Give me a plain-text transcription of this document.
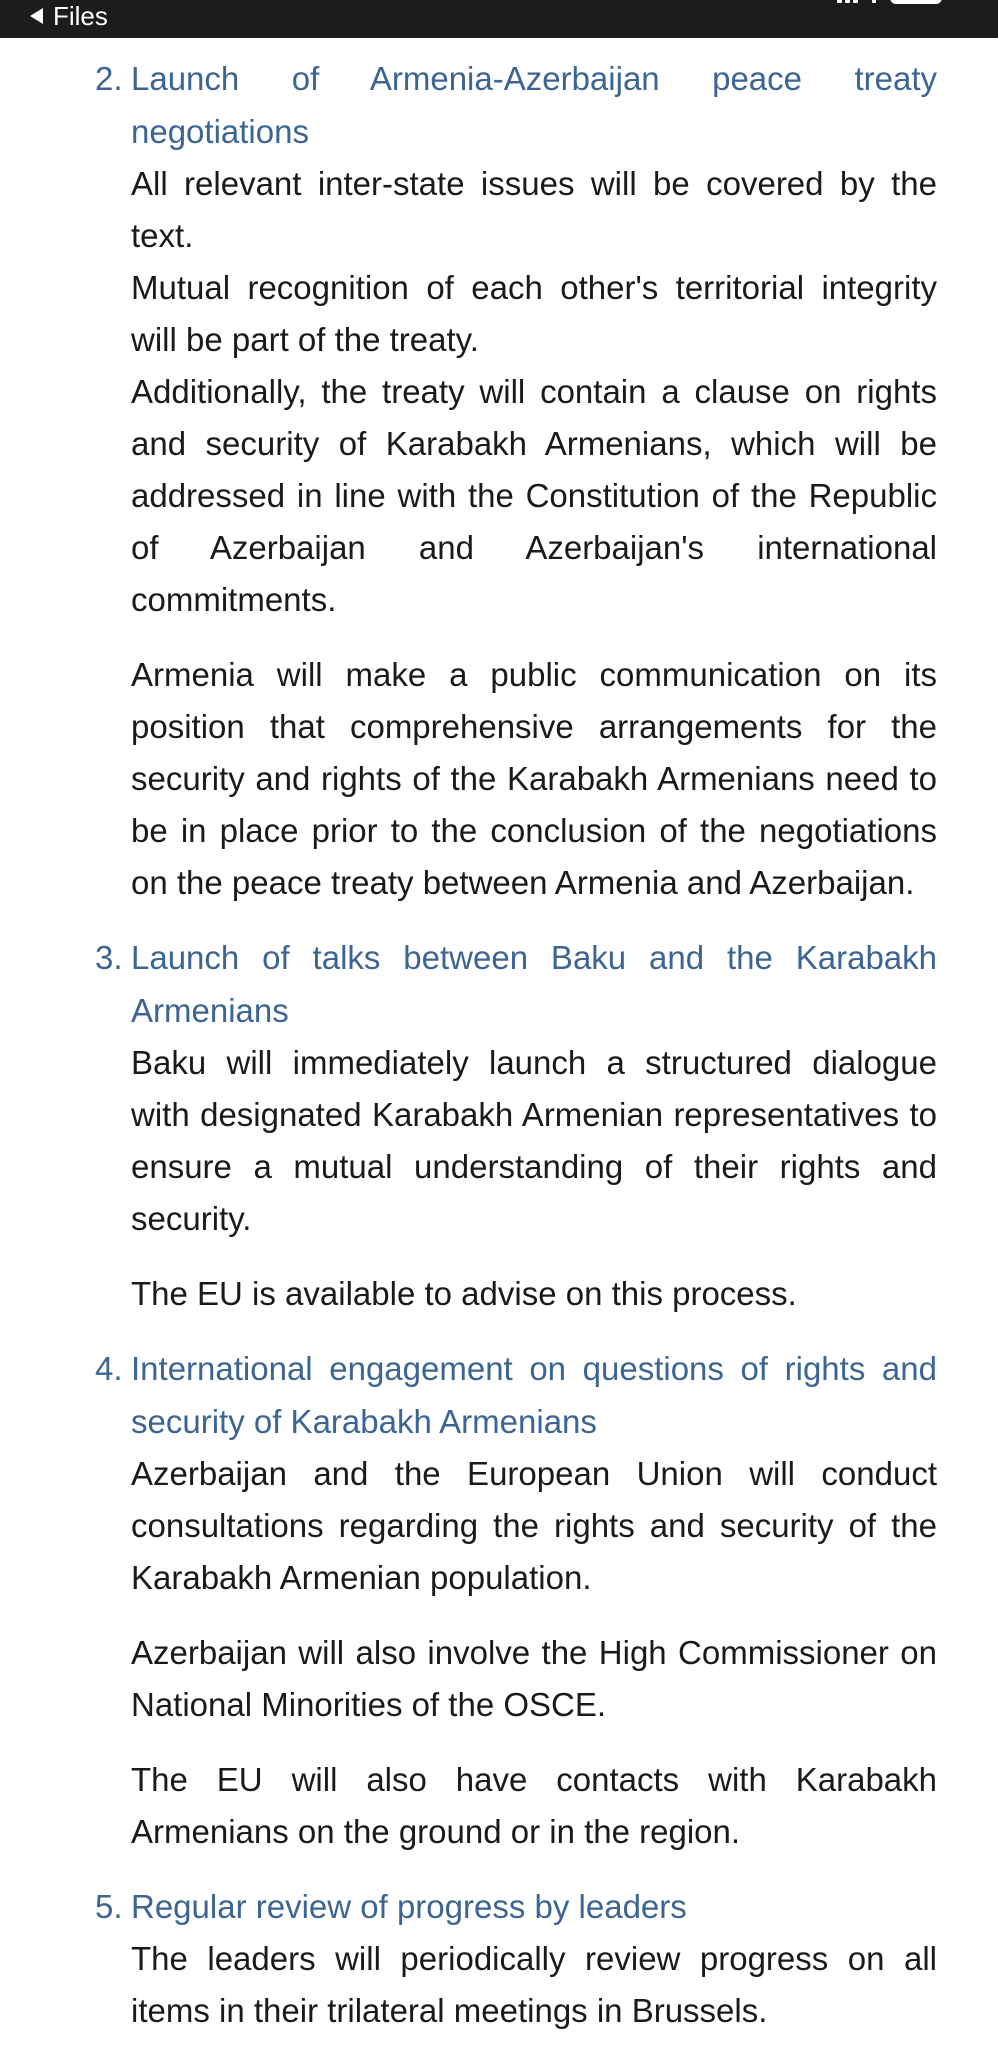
Files
2. Launch of Armenia-Azerbaijan peace treaty negotiations
All relevant inter-state issues will be covered by the text.
Mutual recognition of each other's territorial integrity will be part of the treaty.
Additionally, the treaty will contain a clause on rights and security of Karabakh Armenians, which will be addressed in line with the Constitution of the Republic of Azerbaijan and Azerbaijan's international commitments.
Armenia will make a public communication on its position that comprehensive arrangements for the security and rights of the Karabakh Armenians need to be in place prior to the conclusion of the negotiations on the peace treaty between Armenia and Azerbaijan.
3. Launch of talks between Baku and the Karabakh Armenians
Baku will immediately launch a structured dialogue with designated Karabakh Armenian representatives to ensure a mutual understanding of their rights and security.
The EU is available to advise on this process.
4. International engagement on questions of rights and security of Karabakh Armenians
Azerbaijan and the European Union will conduct consultations regarding the rights and security of the Karabakh Armenian population.
Azerbaijan will also involve the High Commissioner on National Minorities of the OSCE.
The EU will also have contacts with Karabakh Armenians on the ground or in the region.
5. Regular review of progress by leaders
The leaders will periodically review progress on all items in their trilateral meetings in Brussels.
